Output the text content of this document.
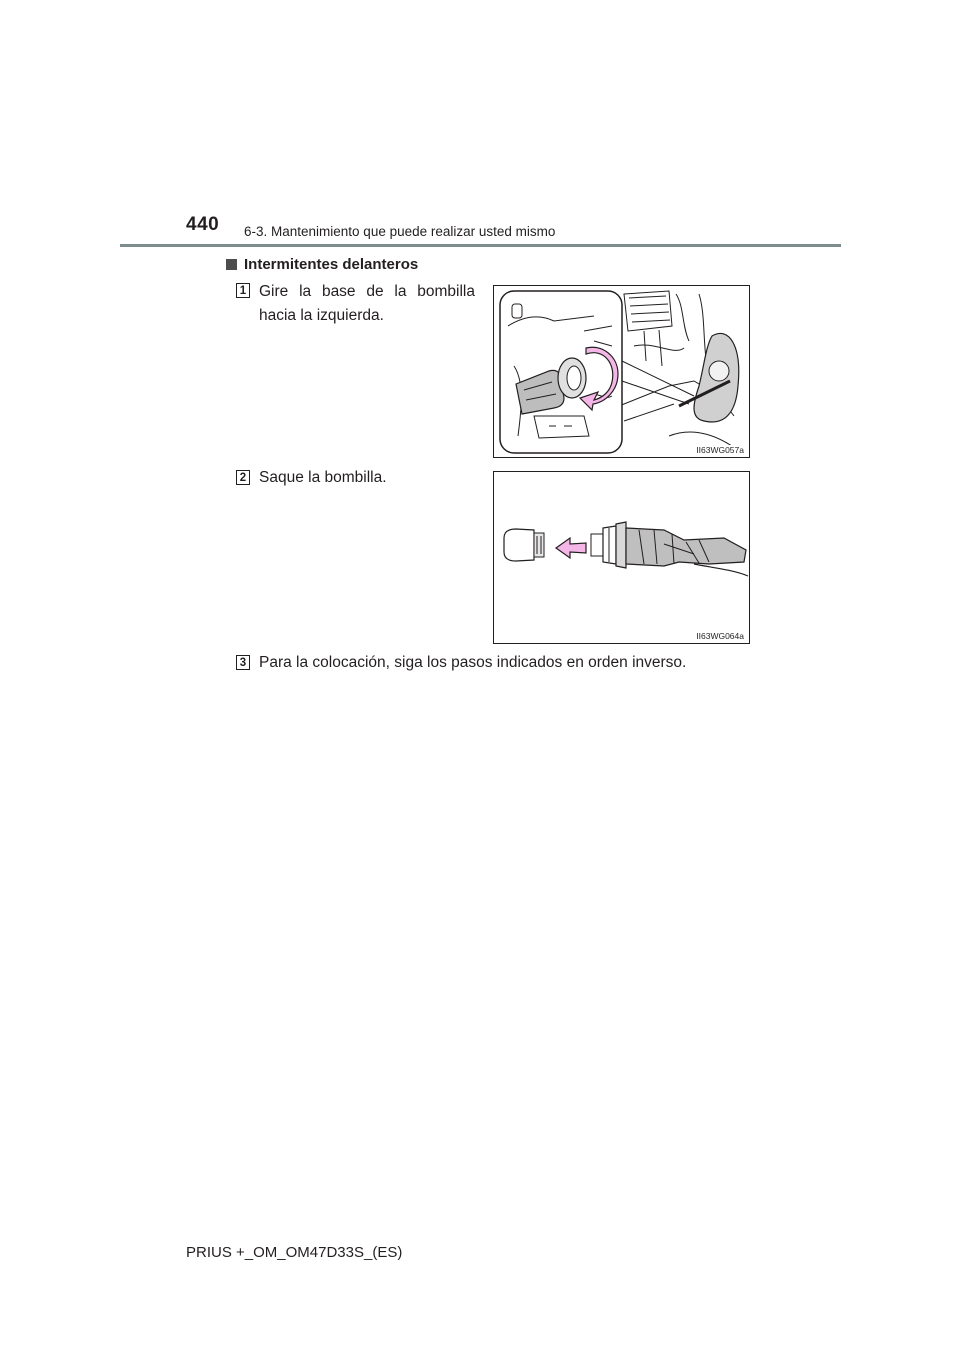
440 6-3. Mantenimiento que puede realizar usted mismo
Intermitentes delanteros
1 Gire la base de la bombilla hacia la izquierda.
II63WG057a
2 Saque la bombilla.
II63WG064a
3 Para la colocación, siga los pasos indicados en orden inverso.
PRIUS +_OM_OM47D33S_(ES)
